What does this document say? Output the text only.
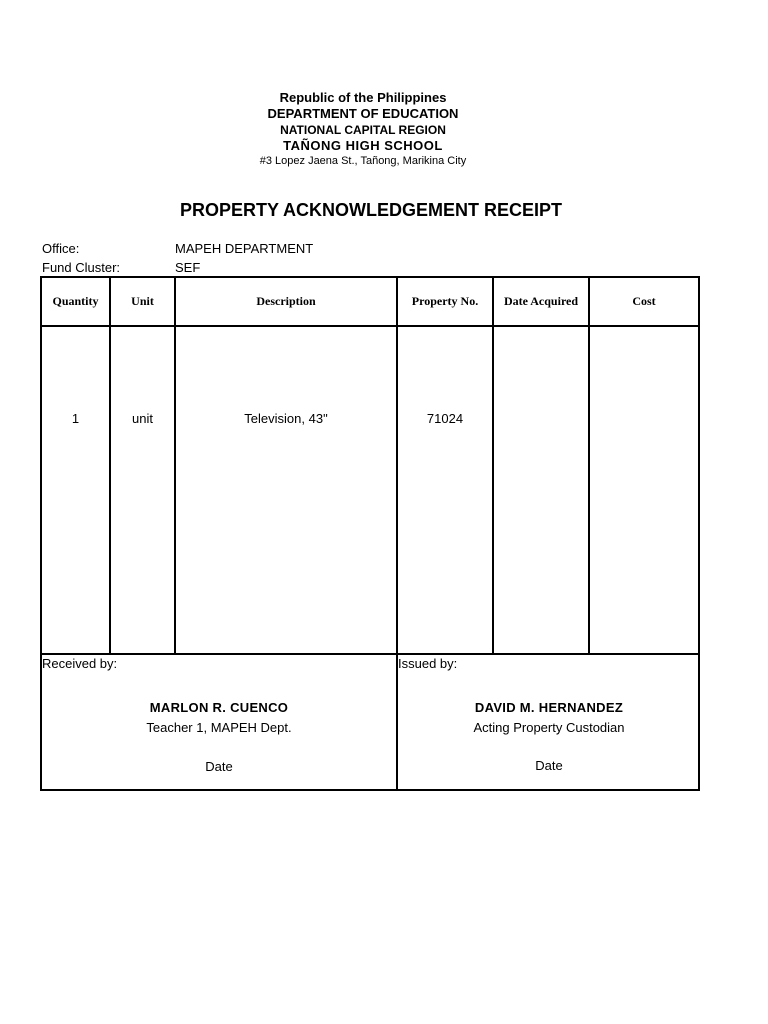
Republic of the Philippines
DEPARTMENT OF EDUCATION
NATIONAL CAPITAL REGION
TAÑONG HIGH SCHOOL
#3 Lopez Jaena St., Tañong, Marikina City
PROPERTY ACKNOWLEDGEMENT RECEIPT
Office:	MAPEH DEPARTMENT
Fund Cluster:	SEF
Quantity	Unit	Description	Property No.	Date Acquired	Cost
1	unit	Television, 43"	71024
Received by:
MARLON R. CUENCO
Teacher 1, MAPEH Dept.
Date
Issued by:
DAVID M. HERNANDEZ
Acting Property Custodian
Date
